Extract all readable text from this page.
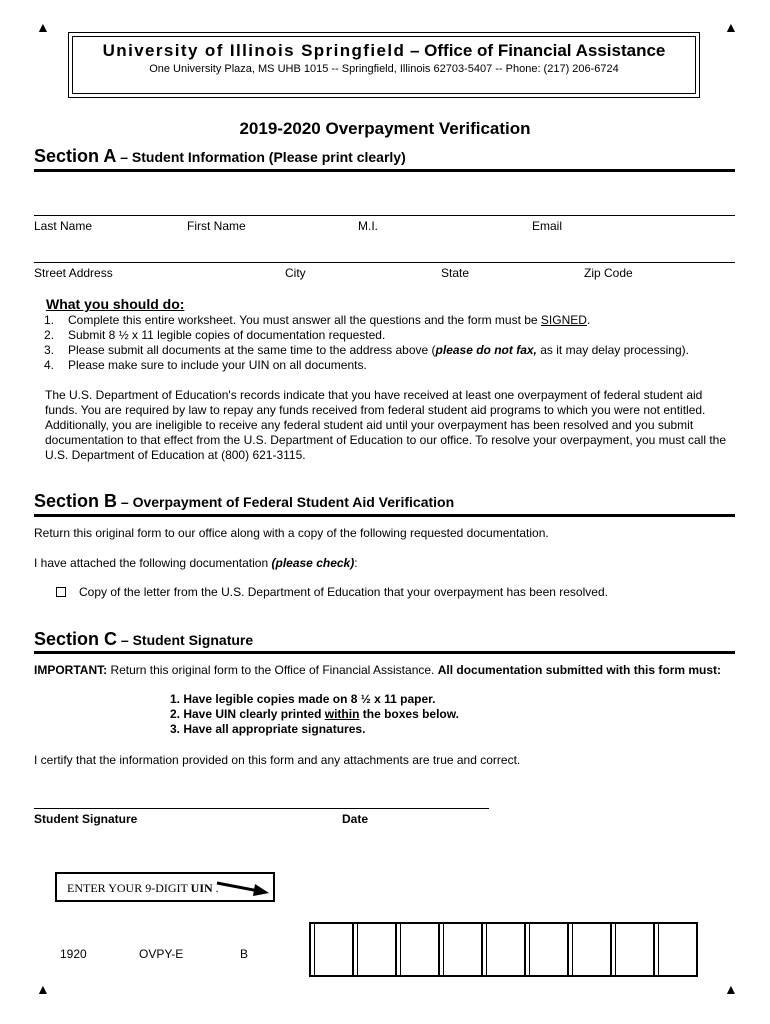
▲	▲
▲	▲
University of Illinois Springfield – Office of Financial Assistance
One University Plaza, MS UHB 1015 -- Springfield, Illinois 62703-5407 -- Phone: (217) 206-6724
2019-2020 Overpayment Verification
Section A – Student Information (Please print clearly)
Last Name	First Name	M.I.	Email
Street Address	City	State	Zip Code
What you should do:
1. Complete this entire worksheet. You must answer all the questions and the form must be SIGNED.
2. Submit 8 ½ x 11 legible copies of documentation requested.
3. Please submit all documents at the same time to the address above (please do not fax, as it may delay processing).
4. Please make sure to include your UIN on all documents.
The U.S. Department of Education's records indicate that you have received at least one overpayment of federal student aid funds. You are required by law to repay any funds received from federal student aid programs to which you were not entitled. Additionally, you are ineligible to receive any federal student aid until your overpayment has been resolved and you submit documentation to that effect from the U.S. Department of Education to our office. To resolve your overpayment, you must call the U.S. Department of Education at (800) 621-3115.
Section B – Overpayment of Federal Student Aid Verification
Return this original form to our office along with a copy of the following requested documentation.
I have attached the following documentation (please check):
Copy of the letter from the U.S. Department of Education that your overpayment has been resolved.
Section C – Student Signature
IMPORTANT: Return this original form to the Office of Financial Assistance. All documentation submitted with this form must:
1. Have legible copies made on 8 ½ x 11 paper.
2. Have UIN clearly printed within the boxes below.
3. Have all appropriate signatures.
I certify that the information provided on this form and any attachments are true and correct.
Student Signature	Date
ENTER YOUR 9-DIGIT UIN .
1920	OVPY-E	B
